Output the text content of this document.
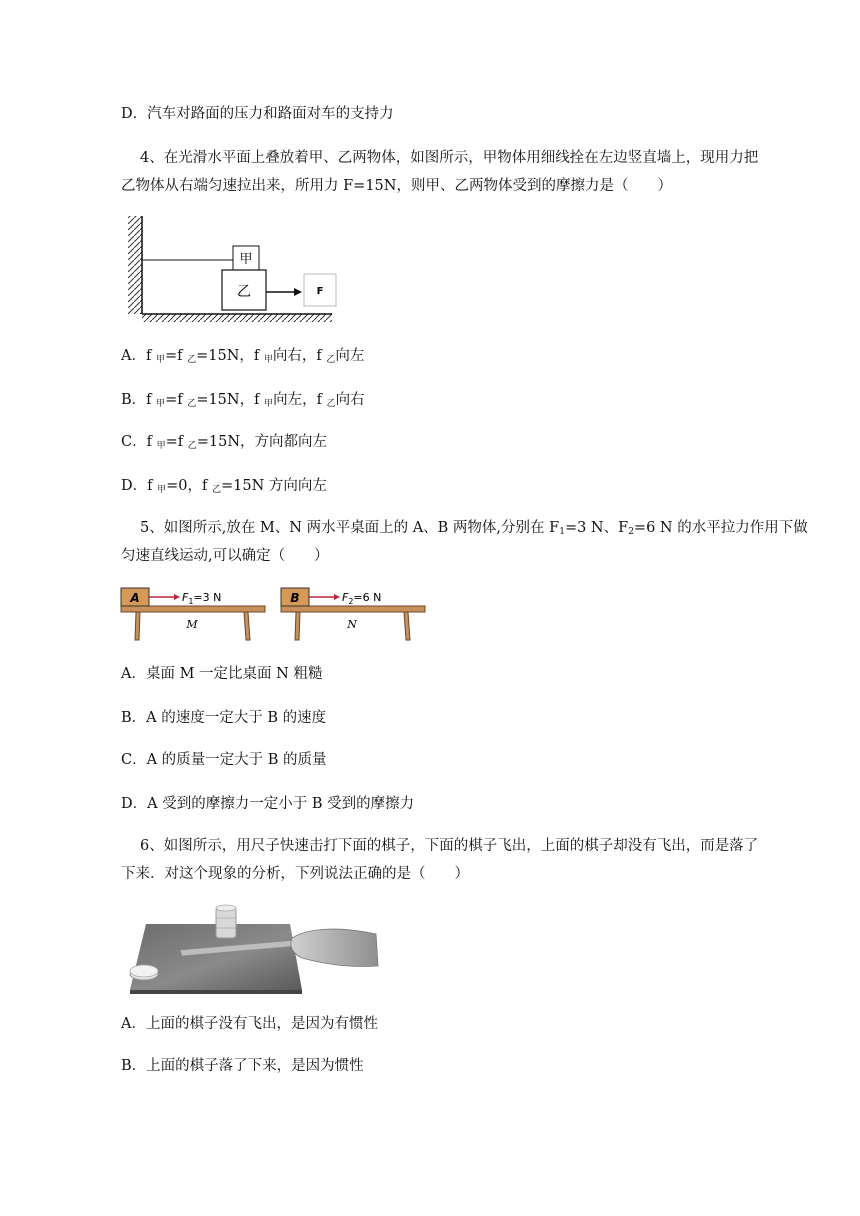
D．汽车对路面的压力和路面对车的支持力
4、在光滑水平面上叠放着甲、乙两物体，如图所示，甲物体用细线拴在左边竖直墙上，现用力把
乙物体从右端匀速拉出来，所用力 F=15N，则甲、乙两物体受到的摩擦力是（　　）
甲
乙	F
A．f $_甲$=f $_乙$=15N，f $_甲$向右，f $_乙$向左
B．f $_甲$=f $_乙$=15N，f $_甲$向左，f $_乙$向右
C．f $_甲$=f $_乙$=15N，方向都向左
D．f $_甲$=0，f $_乙$=15N 方向向左
5、如图所示,放在 M、N 两水平桌面上的 A、B 两物体,分别在 $F_1=3$ N、$F_2=6$ N 的水平拉力作用下做
匀速直线运动,可以确定（　　）
A	$F_1=3$ N
M
B	$F_2=6$ N
N
A．桌面 M 一定比桌面 N 粗糙
B．A 的速度一定大于 B 的速度
C．A 的质量一定大于 B 的质量
D．A 受到的摩擦力一定小于 B 受到的摩擦力
6、如图所示，用尺子快速击打下面的棋子，下面的棋子飞出，上面的棋子却没有飞出，而是落了
下来．对这个现象的分析，下列说法正确的是（　　）
A．上面的棋子没有飞出，是因为有惯性
B．上面的棋子落了下来，是因为惯性
